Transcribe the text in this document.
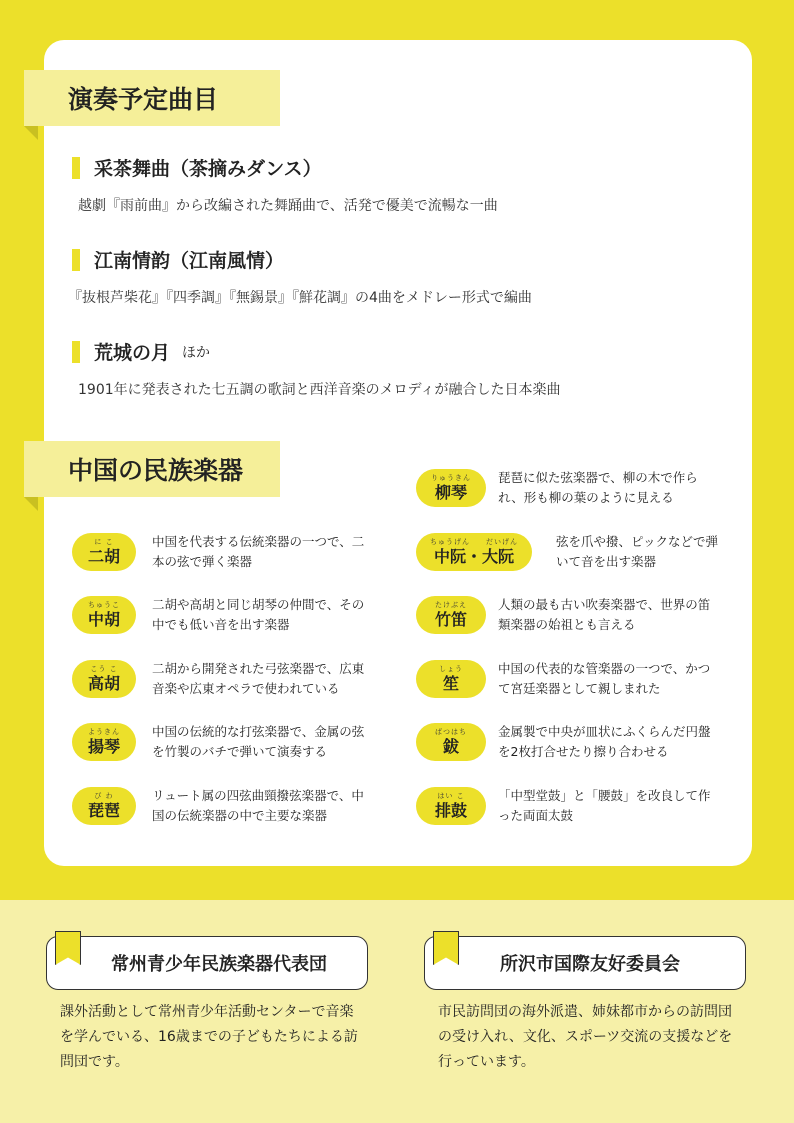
演奏予定曲目
采茶舞曲（茶摘みダンス）
越劇『雨前曲』から改編された舞踊曲で、活発で優美で流暢な一曲
江南情韵（江南風情）
『抜根芦柴花』『四季調』『無錫景』『鮮花調』の4曲をメドレー形式で編曲
荒城の月 ほか
1901年に発表された七五調の歌詞と西洋音楽のメロディが融合した日本楽曲
中国の民族楽器
に こ
二胡
中国を代表する伝統楽器の一つで、二本の弦で弾く楽器
ちゅうこ
中胡
二胡や高胡と同じ胡琴の仲間で、その中でも低い音を出す楽器
こう こ
高胡
二胡から開発された弓弦楽器で、広東音楽や広東オペラで使われている
ようきん
揚琴
中国の伝統的な打弦楽器で、金属の弦を竹製のバチで弾いて演奏する
び わ
琵琶
リュート属の四弦曲頸撥弦楽器で、中国の伝統楽器の中で主要な楽器
りゅうきん
柳琴
琵琶に似た弦楽器で、柳の木で作られ、形も柳の葉のように見える
ちゅうげん　　だいげん
中阮・大阮
弦を爪や撥、ピックなどで弾いて音を出す楽器
たけぶえ
竹笛
人類の最も古い吹奏楽器で、世界の笛類楽器の始祖とも言える
しょう
笙
中国の代表的な管楽器の一つで、かつて宮廷楽器として親しまれた
ばつはち
鈸
金属製で中央が皿状にふくらんだ円盤を2枚打合せたり擦り合わせる
はい こ
排鼓
「中型堂鼓」と「腰鼓」を改良して作った両面太鼓
常州青少年民族楽器代表団
課外活動として常州青少年活動センターで音楽を学んでいる、16歳までの子どもたちによる訪問団です。
所沢市国際友好委員会
市民訪問団の海外派遣、姉妹都市からの訪問団の受け入れ、文化、スポーツ交流の支援などを行っています。
